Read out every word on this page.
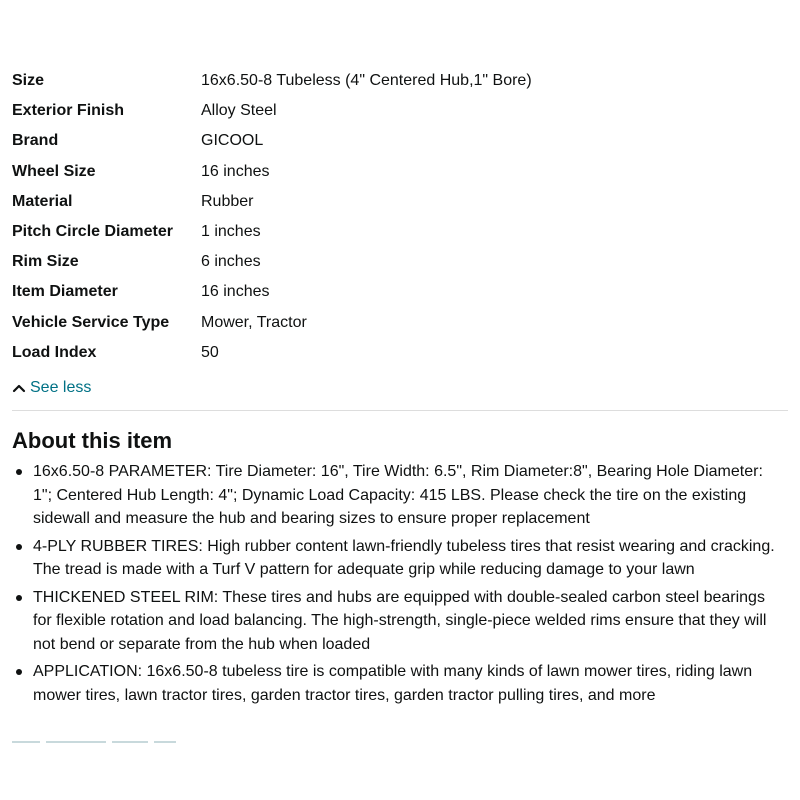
Size	16x6.50-8 Tubeless (4" Centered Hub,1" Bore)
Exterior Finish	Alloy Steel
Brand	GICOOL
Wheel Size	16 inches
Material	Rubber
Pitch Circle Diameter	1 inches
Rim Size	6 inches
Item Diameter	16 inches
Vehicle Service Type	Mower, Tractor
Load Index	50
See less
About this item
16x6.50-8 PARAMETER: Tire Diameter: 16", Tire Width: 6.5", Rim Diameter:8", Bearing Hole Diameter: 1"; Centered Hub Length: 4"; Dynamic Load Capacity: 415 LBS. Please check the tire on the existing sidewall and measure the hub and bearing sizes to ensure proper replacement
4-PLY RUBBER TIRES: High rubber content lawn-friendly tubeless tires that resist wearing and cracking. The tread is made with a Turf V pattern for adequate grip while reducing damage to your lawn
THICKENED STEEL RIM: These tires and hubs are equipped with double-sealed carbon steel bearings for flexible rotation and load balancing. The high-strength, single-piece welded rims ensure that they will not bend or separate from the hub when loaded
APPLICATION: 16x6.50-8 tubeless tire is compatible with many kinds of lawn mower tires, riding lawn mower tires, lawn tractor tires, garden tractor tires, garden tractor pulling tires, and more
